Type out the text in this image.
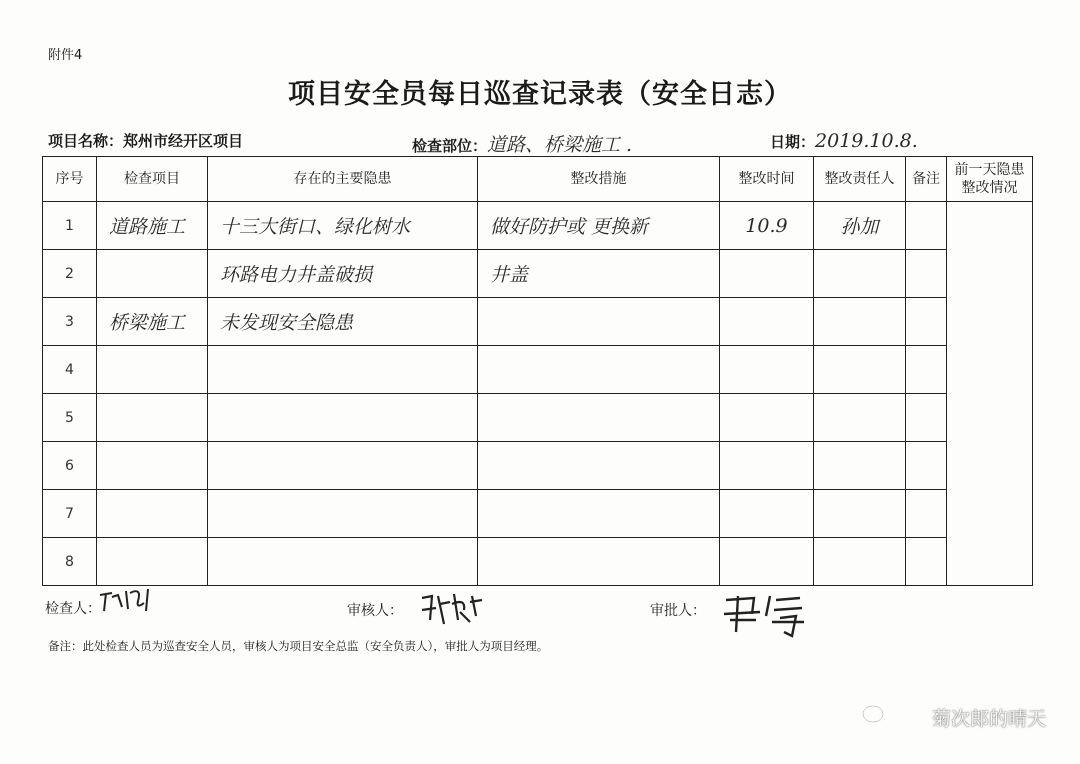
附件4
项目安全员每日巡查记录表（安全日志）
项目名称：郑州市经开区项目	检查部位：道路、桥梁施工 .	日期：2019.10.8.
序号	检查项目	存在的主要隐患	整改措施	整改时间	整改责任人	备注	前一天隐患整改情况
1	道路施工	十三大街口、绿化树水	做好防护或 更换新	10.9	孙加		
2		环路电力井盖破损	井盖				
3	桥梁施工	未发现安全隐患					
4							
5							
6							
7							
8							
检查人：	审核人：	审批人：
备注：此处检查人员为巡查安全人员，审核人为项目安全总监（安全负责人），审批人为项目经理。
菊次郎的晴天
